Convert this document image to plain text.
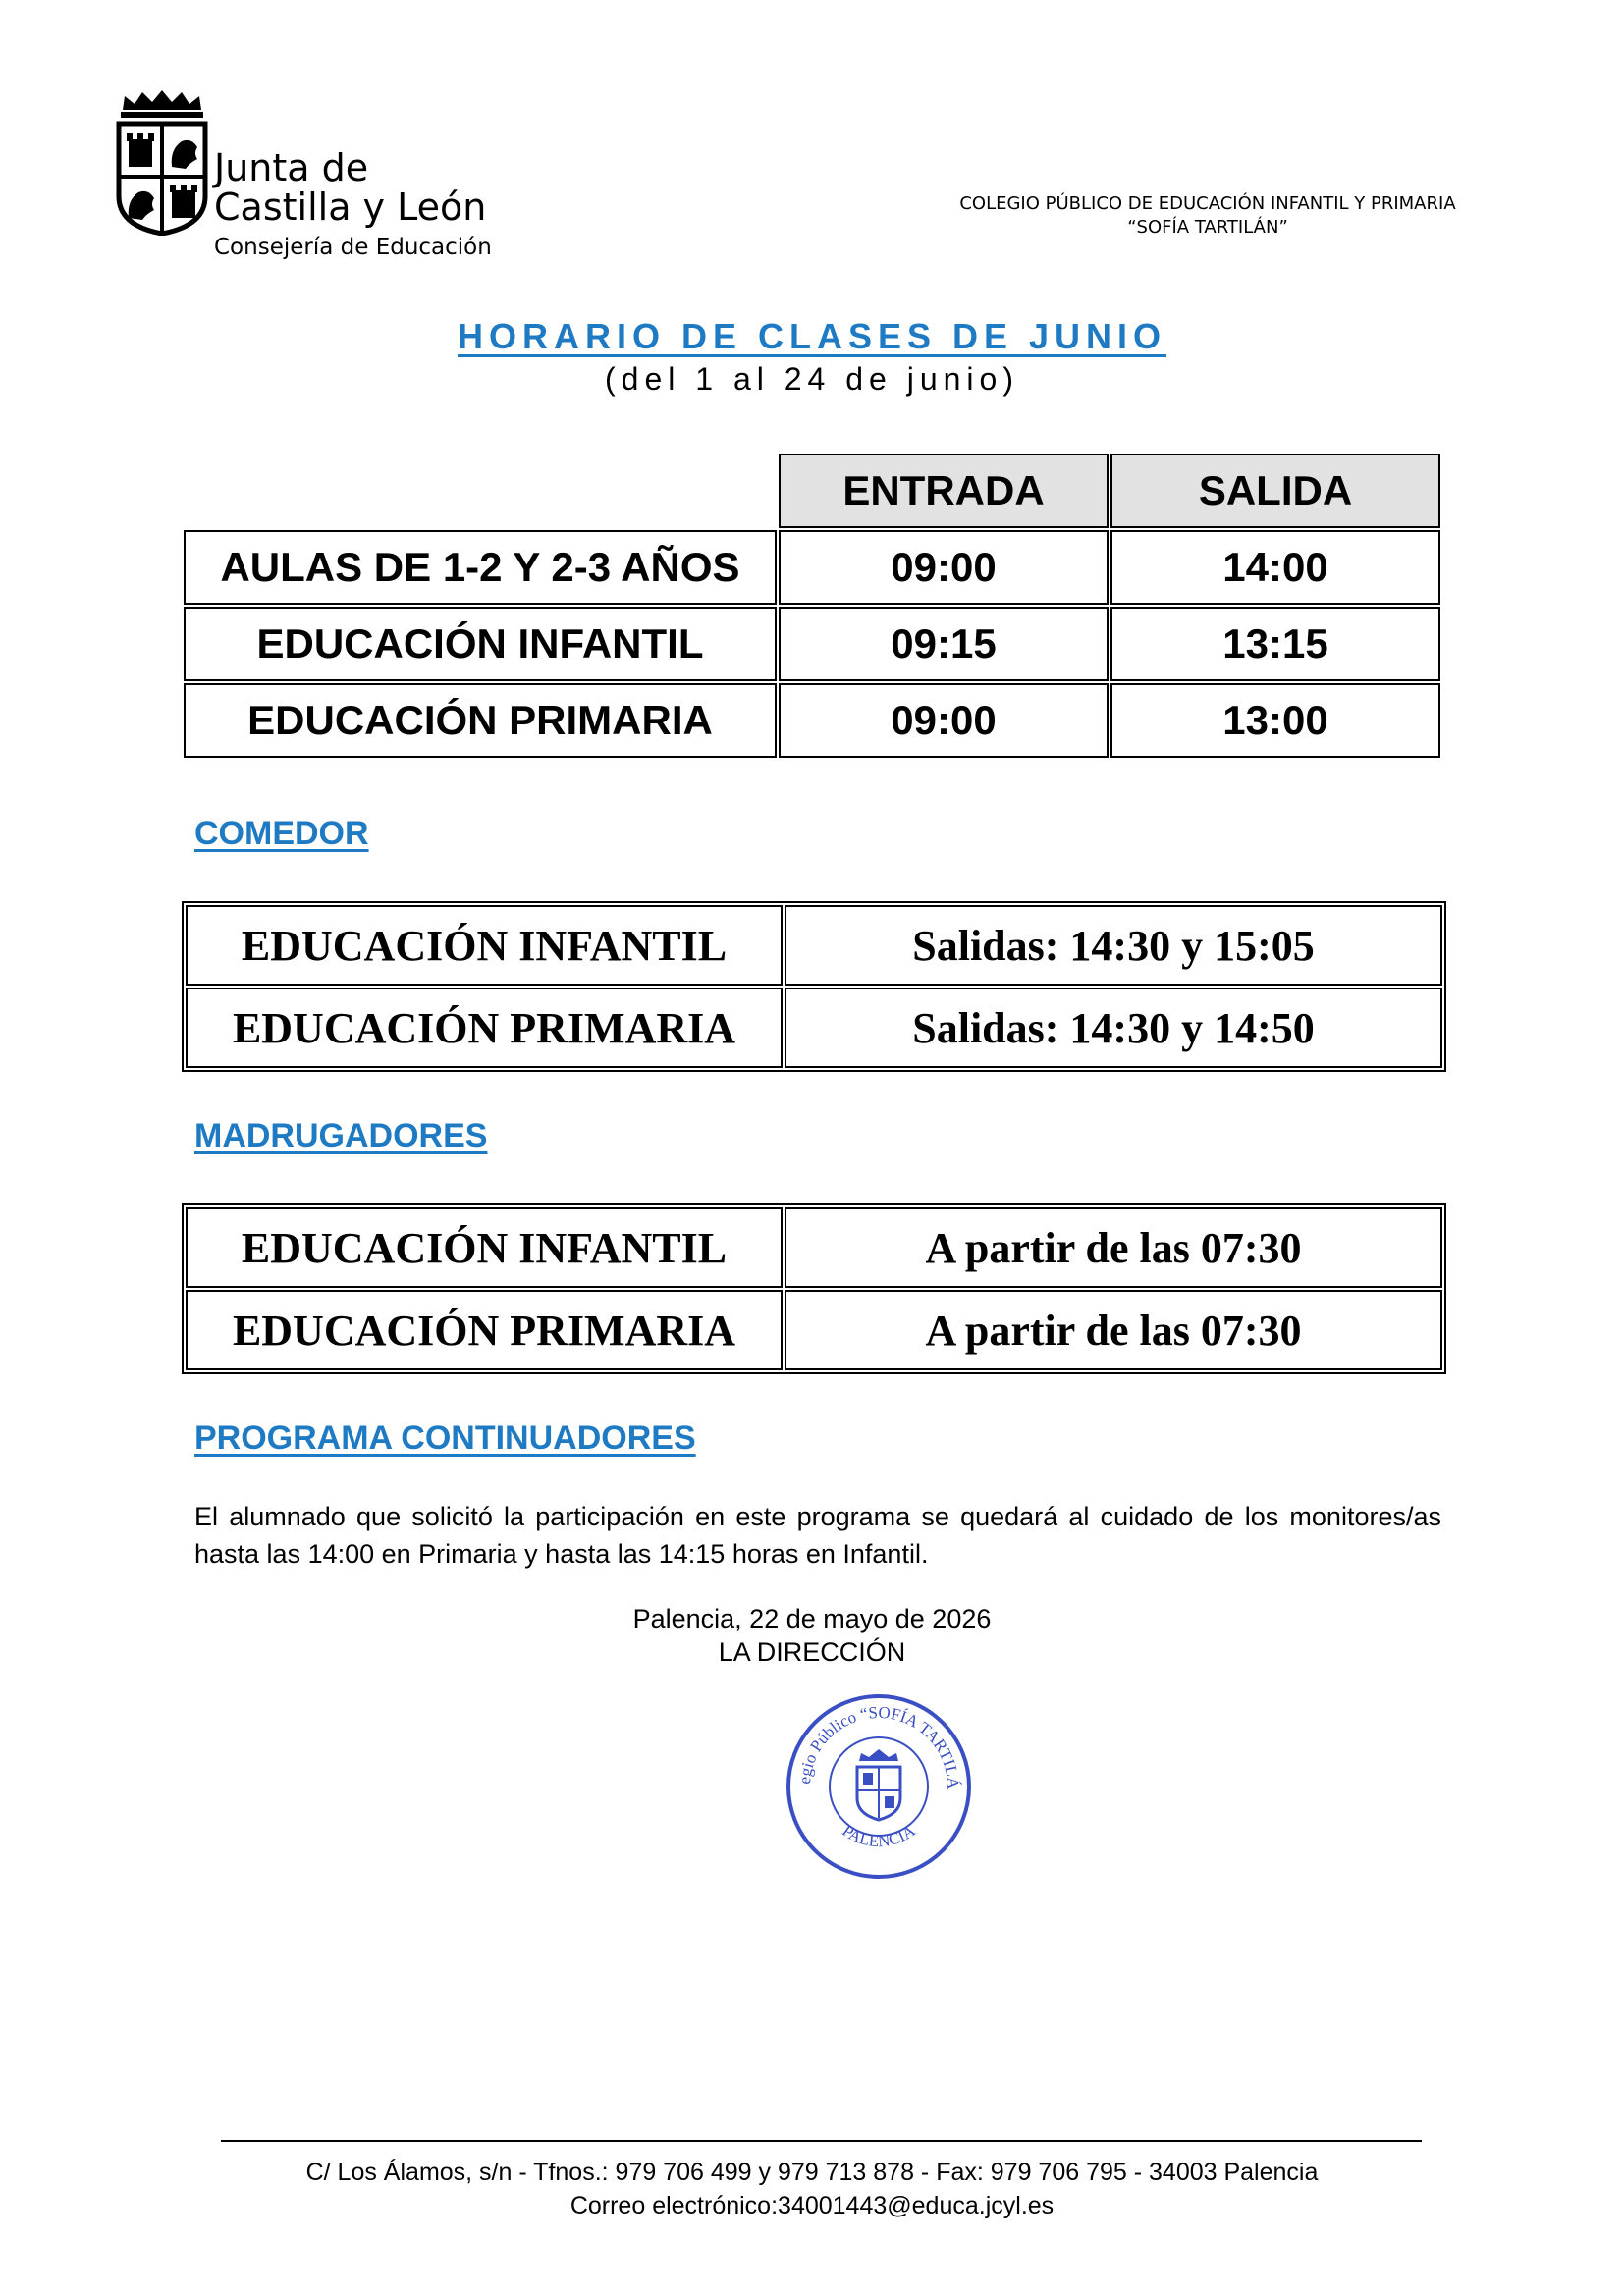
Junta de
Castilla y León
Consejería de Educación
COLEGIO PÚBLICO DE EDUCACIÓN INFANTIL Y PRIMARIA
“SOFÍA TARTILÁN”
HORARIO DE CLASES DE JUNIO
(del 1 al 24 de junio)
	ENTRADA	SALIDA
AULAS DE 1-2 Y 2-3 AÑOS	09:00	14:00
EDUCACIÓN INFANTIL	09:15	13:15
EDUCACIÓN PRIMARIA	09:00	13:00
COMEDOR
EDUCACIÓN INFANTIL	Salidas: 14:30 y 15:05
EDUCACIÓN PRIMARIA	Salidas: 14:30 y 14:50
MADRUGADORES
EDUCACIÓN INFANTIL	A partir de las 07:30
EDUCACIÓN PRIMARIA	A partir de las 07:30
PROGRAMA CONTINUADORES
El alumnado que solicitó la participación en este programa se quedará al cuidado de los monitores/as hasta las 14:00 en Primaria y hasta las 14:15 horas en Infantil.
Palencia, 22 de mayo de 2026
LA DIRECCIÓN
egio Público “SOFÍA TARTILÁ
PALENCIA
C/ Los Álamos, s/n - Tfnos.: 979 706 499 y 979 713 878 - Fax: 979 706 795 - 34003 Palencia
Correo electrónico:34001443@educa.jcyl.es
